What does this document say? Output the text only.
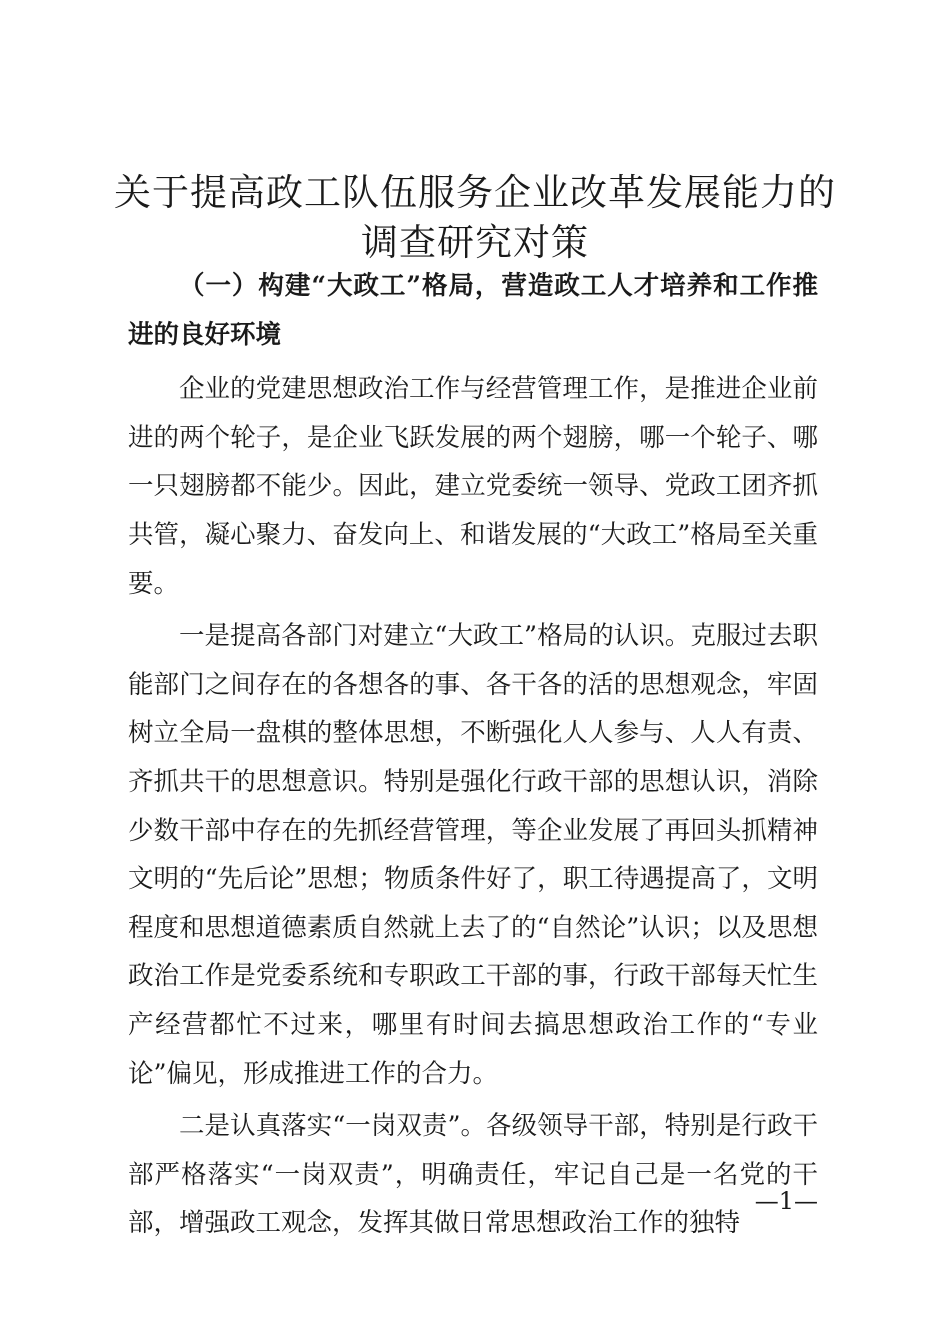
关于提高政工队伍服务企业改革发展能力的调查研究对策

（一）构建“大政工”格局，营造政工人才培养和工作推进的良好环境

企业的党建思想政治工作与经营管理工作，是推进企业前进的两个轮子，是企业飞跃发展的两个翅膀，哪一个轮子、哪一只翅膀都不能少。因此，建立党委统一领导、党政工团齐抓共管，凝心聚力、奋发向上、和谐发展的“大政工”格局至关重要。

一是提高各部门对建立“大政工”格局的认识。克服过去职能部门之间存在的各想各的事、各干各的活的思想观念，牢固树立全局一盘棋的整体思想，不断强化人人参与、人人有责、齐抓共干的思想意识。特别是强化行政干部的思想认识，消除少数干部中存在的先抓经营管理，等企业发展了再回头抓精神文明的“先后论”思想；物质条件好了，职工待遇提高了，文明程度和思想道德素质自然就上去了的“自然论”认识；以及思想政治工作是党委系统和专职政工干部的事，行政干部每天忙生产经营都忙不过来，哪里有时间去搞思想政治工作的“专业论”偏见，形成推进工作的合力。

二是认真落实“一岗双责”。各级领导干部，特别是行政干部严格落实“一岗双责”，明确责任，牢记自己是一名党的干部，增强政工观念，发挥其做日常思想政治工作的独特

—1—
